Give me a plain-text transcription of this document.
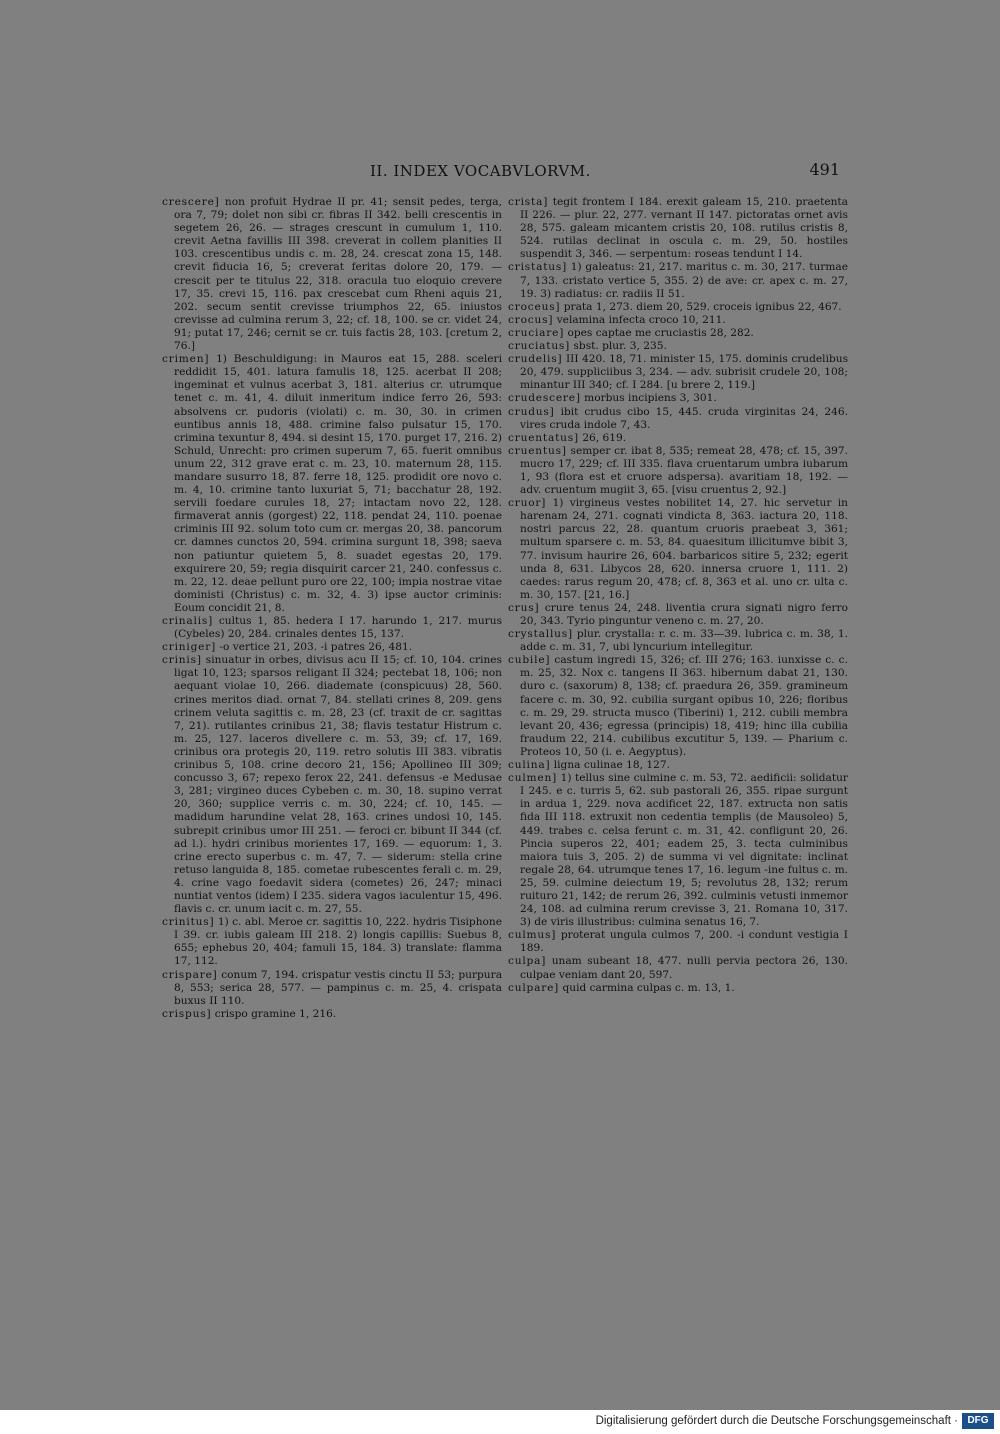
II. INDEX VOCABVLORVM.	491

crescere] non profuit Hydrae II pr. 41; sensit pedes, terga, ora 7, 79; dolet non sibi cr. fibras II 342. belli crescentis in segetem 26, 26. — strages crescunt in cumulum 1, 110. crevit Aetna favillis III 398. creverat in collem planities II 103. crescentibus undis c. m. 28, 24. crescat zona 15, 148. crevit fiducia 16, 5; creverat feritas dolore 20, 179. — crescit per te titulus 22, 318. oracula tuo eloquio crevere 17, 35. crevi 15, 116. pax crescebat cum Rheni aquis 21, 202. secum sentit crevisse triumphos 22, 65. iniustos crevisse ad culmina rerum 3, 22; cf. 18, 100. se cr. videt 24, 91; putat 17, 246; cernit se cr. tuis factis 28, 103. [cretum 2, 76.]

crimen] 1) Beschuldigung: in Mauros eat 15, 288. sceleri reddidit 15, 401. latura famulis 18, 125. acerbat II 208; ingeminat et vulnus acerbat 3, 181. alterius cr. utrumque tenet c. m. 41, 4. diluit inmeritum indice ferro 26, 593: absolvens cr. pudoris (violati) c. m. 30, 30. in crimen euntibus annis 18, 488. crimine falso pulsatur 15, 170. crimina texuntur 8, 494. si desint 15, 170. purget 17, 216. 2) Schuld, Unrecht: pro crimen superum 7, 65. fuerit omnibus unum 22, 312 grave erat c. m. 23, 10. maternum 28, 115. mandare susurro 18, 87. ferre 18, 125. prodidit ore novo c. m. 4, 10. crimine tanto luxuriat 5, 71; bacchatur 28, 192. servili foedare curules 18, 27; intactam novo 22, 128. firmaverat annis (gorgest) 22, 118. pendat 24, 110. poenae criminis III 92. solum toto cum cr. mergas 20, 38. pancorum cr. damnes cunctos 20, 594. crimina surgunt 18, 398; saeva non patiuntur quietem 5, 8. suadet egestas 20, 179. exquirere 20, 59; regia disquirit carcer 21, 240. confessus c. m. 22, 12. deae pellunt puro ore 22, 100; impia nostrae vitae doministi (Christus) c. m. 32, 4. 3) ipse auctor criminis: Eoum concidit 21, 8.

crinalis] cultus 1, 85. hedera I 17. harundo 1, 217. murus (Cybeles) 20, 284. crinales dentes 15, 137.

criniger] -o vertice 21, 203. -i patres 26, 481.

crinis] sinuatur in orbes, divisus acu II 15; cf. 10, 104. crines ligat 10, 123; sparsos religant II 324; pectebat 18, 106; non aequant violae 10, 266. diademate (conspicuus) 28, 560. crines meritos diad. ornat 7, 84. stellati crines 8, 209. gens crinem veluta sagittis c. m. 28, 23 (cf. traxit de cr. sagittas 7, 21). rutilantes crinibus 21, 38; flavis testatur Histrum c. m. 25, 127. laceros divellere c. m. 53, 39; cf. 17, 169. crinibus ora protegis 20, 119. retro solutis III 383. vibratis crinibus 5, 108. crine decoro 21, 156; Apollineo III 309; concusso 3, 67; repexo ferox 22, 241. defensus -e Medusae 3, 281; virgineo duces Cybeben c. m. 30, 18. supino verrat 20, 360; supplice verris c. m. 30, 224; cf. 10, 145. — madidum harundine velat 28, 163. crines undosi 10, 145. subrepit crinibus umor III 251. — feroci cr. bibunt II 344 (cf. ad l.). hydri crinibus morientes 17, 169. — equorum: 1, 3. crine erecto superbus c. m. 47, 7. — siderum: stella crine retuso languida 8, 185. cometae rubescentes ferali c. m. 29, 4. crine vago foedavit sidera (cometes) 26, 247; minaci nuntiat ventos (idem) I 235. sidera vagos iaculentur 15, 496. flavis c. cr. unum iacit c. m. 27, 55.

crinitus] 1) c. abl. Meroe cr. sagittis 10, 222. hydris Tisiphone I 39. cr. iubis galeam III 218. 2) longis capillis: Suebus 8, 655; ephebus 20, 404; famuli 15, 184. 3) translate: flamma 17, 112.

crispare] conum 7, 194. crispatur vestis cinctu II 53; purpura 8, 553; serica 28, 577. — pampinus c. m. 25, 4. crispata buxus II 110.

crispus] crispo gramine 1, 216.

crista] tegit frontem I 184. erexit galeam 15, 210. praetenta II 226. — plur. 22, 277. vernant II 147. pictoratas ornet avis 28, 575. galeam micantem cristis 20, 108. rutilus cristis 8, 524. rutilas declinat in oscula c. m. 29, 50. hostiles suspendit 3, 346. — serpentum: roseas tendunt I 14.

cristatus] 1) galeatus: 21, 217. maritus c. m. 30, 217. turmae 7, 133. cristato vertice 5, 355. 2) de ave: cr. apex c. m. 27, 19. 3) radiatus: cr. radiis II 51.

croceus] prata 1, 273. diem 20, 529. croceis ignibus 22, 467.

crocus] velamina infecta croco 10, 211.

cruciare] opes captae me cruciastis 28, 282.

cruciatus] sbst. plur. 3, 235.

crudelis] III 420. 18, 71. minister 15, 175. dominis crudelibus 20, 479. suppliciibus 3, 234. — adv. subrisit crudele 20, 108; minantur III 340; cf. I 284. [u brere 2, 119.]

crudescere] morbus incipiens 3, 301.

crudus] ibit crudus cibo 15, 445. cruda virginitas 24, 246. vires cruda indole 7, 43.

cruentatus] 26, 619.

cruentus] semper cr. ibat 8, 535; remeat 28, 478; cf. 15, 397. mucro 17, 229; cf. III 335. flava cruentarum umbra iubarum 1, 93 (flora est et cruore adspersa). avaritiam 18, 192. — adv. cruentum mugiit 3, 65. [visu cruentus 2, 92.]

cruor] 1) virgineus vestes nobilitet 14, 27. hic servetur in harenam 24, 271. cognati vindicta 8, 363. iactura 20, 118. nostri parcus 22, 28. quantum cruoris praebeat 3, 361; multum sparsere c. m. 53, 84. quaesitum illicitumve bibit 3, 77. invisum haurire 26, 604. barbaricos sitire 5, 232; egerit unda 8, 631. Libycos 28, 620. innersa cruore 1, 111. 2) caedes: rarus regum 20, 478; cf. 8, 363 et al. uno cr. ulta c. m. 30, 157. [21, 16.]

crus] crure tenus 24, 248. liventia crura signati nigro ferro 20, 343. Tyrio pinguntur veneno c. m. 27, 20.

crystallus] plur. crystalla: r. c. m. 33—39. lubrica c. m. 38, 1. adde c. m. 31, 7, ubi lyncurium intellegitur.

cubile] castum ingredi 15, 326; cf. III 276; 163. iunxisse c. c. m. 25, 32. Nox c. tangens II 363. hibernum dabat 21, 130. duro c. (saxorum) 8, 138; cf. praedura 26, 359. gramineum facere c. m. 30, 92. cubilia surgant opibus 10, 226; floribus c. m. 29, 29. structa musco (Tiberini) 1, 212. cubili membra levant 20, 436; egressa (principis) 18, 419; hinc illa cubilia fraudum 22, 214. cubilibus excutitur 5, 139. — Pharium c. Proteos 10, 50 (i. e. Aegyptus).

culina] ligna culinae 18, 127.

culmen] 1) tellus sine culmine c. m. 53, 72. aedificii: solidatur I 245. e c. turris 5, 62. sub pastorali 26, 355. ripae surgunt in ardua 1, 229. nova acdificet 22, 187. extructa non satis fida III 118. extruxit non cedentia templis (de Mausoleo) 5, 449. trabes c. celsa ferunt c. m. 31, 42. confligunt 20, 26. Pincia superos 22, 401; eadem 25, 3. tecta culminibus maiora tuis 3, 205. 2) de summa vi vel dignitate: inclinat regale 28, 64. utrumque tenes 17, 16. legum -ine fultus c. m. 25, 59. culmine deiectum 19, 5; revolutus 28, 132; rerum ruituro 21, 142; de rerum 26, 392. culminis vetusti inmemor 24, 108. ad culmina rerum crevisse 3, 21. Romana 10, 317. 3) de viris illustribus: culmina senatus 16, 7.

culmus] proterat ungula culmos 7, 200. -i condunt vestigia I 189.

culpa] unam subeant 18, 477. nulli pervia pectora 26, 130. culpae veniam dant 20, 597.

culpare] quid carmina culpas c. m. 13, 1.

Digitalisierung gefördert durch die Deutsche Forschungsgemeinschaft · DFG
